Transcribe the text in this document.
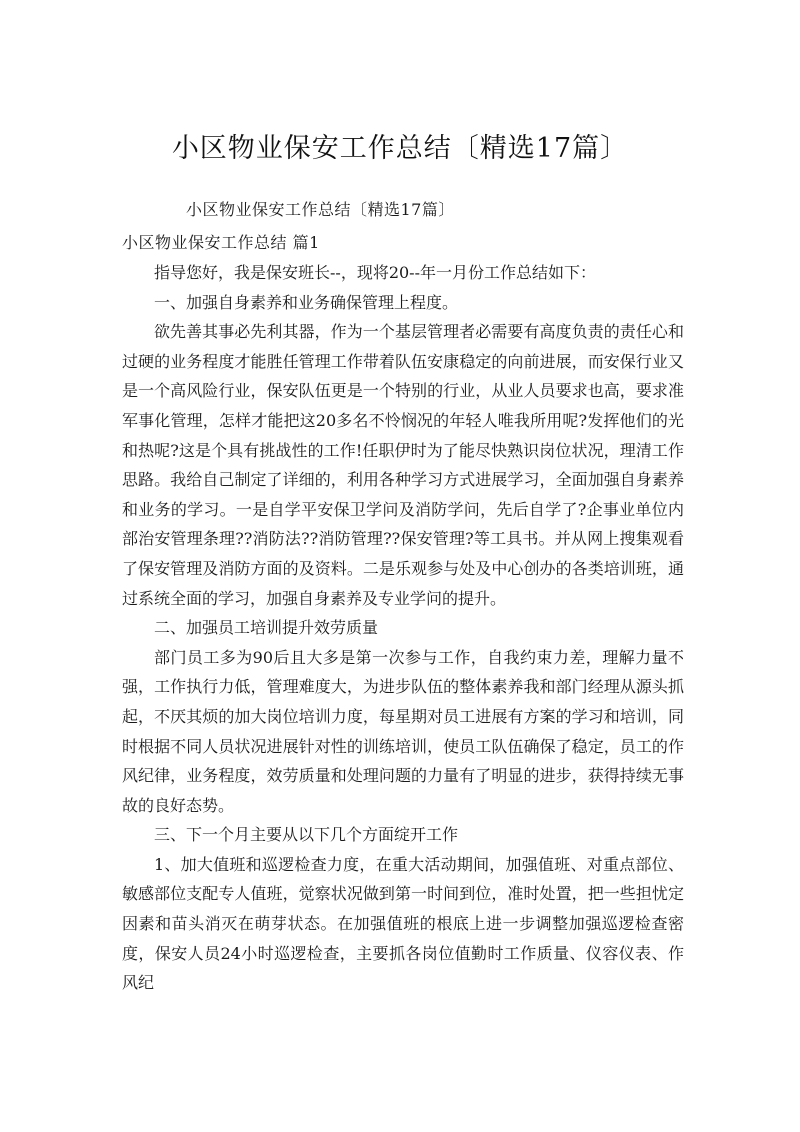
小区物业保安工作总结〔精选17篇〕
小区物业保安工作总结〔精选17篇〕
小区物业保安工作总结 篇1

指导您好，我是保安班长--，现将20--年一月份工作总结如下：

一、加强自身素养和业务确保管理上程度。

欲先善其事必先利其器，作为一个基层管理者必需要有高度负责的责任心和过硬的业务程度才能胜任管理工作带着队伍安康稳定的向前进展，而安保行业又是一个高风险行业，保安队伍更是一个特别的行业，从业人员要求也高，要求准军事化管理，怎样才能把这20多名不怜悯况的年轻人唯我所用呢?发挥他们的光和热呢?这是个具有挑战性的工作!任职伊时为了能尽快熟识岗位状况，理清工作思路。我给自己制定了详细的，利用各种学习方式进展学习，全面加强自身素养和业务的学习。一是自学平安保卫学问及消防学问，先后自学了?企事业单位内部治安管理条理??消防法??消防管理??保安管理?等工具书。并从网上搜集观看了保安管理及消防方面的及资料。二是乐观参与处及中心创办的各类培训班，通过系统全面的学习，加强自身素养及专业学问的提升。

二、加强员工培训提升效劳质量

部门员工多为90后且大多是第一次参与工作，自我约束力差，理解力量不强，工作执行力低，管理难度大，为进步队伍的整体素养我和部门经理从源头抓起，不厌其烦的加大岗位培训力度，每星期对员工进展有方案的学习和培训，同时根据不同人员状况进展针对性的训练培训，使员工队伍确保了稳定，员工的作风纪律，业务程度，效劳质量和处理问题的力量有了明显的进步，获得持续无事故的良好态势。

三、下一个月主要从以下几个方面绽开工作

1、加大值班和巡逻检查力度，在重大活动期间，加强值班、对重点部位、敏感部位支配专人值班，觉察状况做到第一时间到位，准时处置，把一些担忧定因素和苗头消灭在萌芽状态。在加强值班的根底上进一步调整加强巡逻检查密度，保安人员24小时巡逻检查，主要抓各岗位值勤时工作质量、仪容仪表、作风纪
